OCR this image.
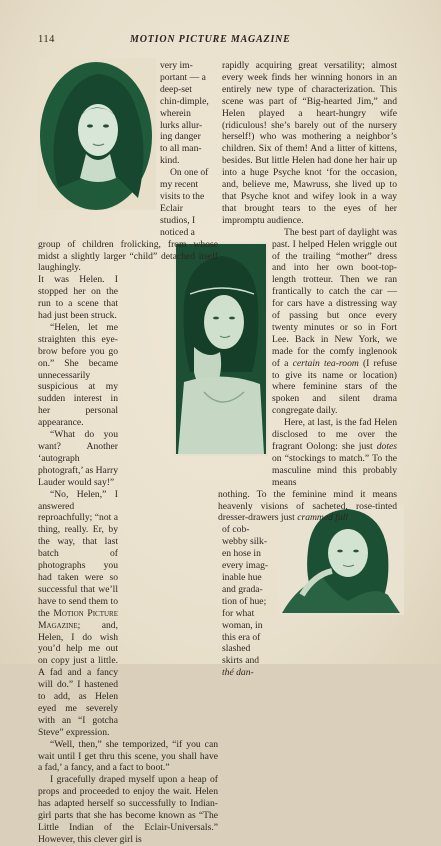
114	MOTION PICTURE MAGAZINE
very im-
portant — a
deep-set
chin-dimple,
wherein
lurks allur-
ing danger
to all man-
kind.
On one of
my recent
visits to the
Eclair
studios, I
noticed a

group of children frolicking, from whose midst a slightly larger “child” detached itself laughingly.

It was Helen. I stopped her on the run to a scene that had just been struck.

“Helen, let me straighten this eye-brow before you go on.” She became unnecessarily suspicious at my sudden interest in her personal appearance.

“What do you want? Another ‘autograph photograft,’ as Harry Lauder would say!”

“No, Helen,” I answered reproachfully; “not a thing, really. Er, by the way, that last batch of photographs you had taken were so successful that we’ll have to send them to the Motion Picture Magazine; and, Helen, I do wish you’d help me out on copy just a little. A fad and a fancy will do.” I hastened to add, as Helen eyed me severely with an “I gotcha Steve” expression.

“Well, then,” she temporized, “if you can wait until I get thru this scene, you shall have a fad,’ a fancy, and a fact to boot.”

I gracefully draped myself upon a heap of props and proceeded to enjoy the wait. Helen has adapted herself so successfully to Indian-girl parts that she has become known as “The Little Indian of the Eclair-Universals.” However, this clever girl is

rapidly acquiring great versatility; almost every week finds her winning honors in an entirely new type of characterization. This scene was part of “Big-hearted Jim,” and Helen played a heart-hungry wife (ridiculous! she’s barely out of the nursery herself!) who was mothering a neighbor’s children. Six of them! And a litter of kittens, besides. But little Helen had done her hair up into a huge Psyche knot ‘for the occasion, and, believe me, Mawruss, she lived up to that Psyche knot and wifey look in a way that brought tears to the eyes of her impromptu audience.

The best part of daylight was past. I helped Helen wriggle out of the trailing “mother” dress and into her own boot-top-length trotteur. Then we ran frantically to catch the car — for cars have a distressing way of passing but once every twenty minutes or so in Fort Lee. Back in New York, we made for the comfy inglenook of a certain tea-room (I refuse to give its name or location) where feminine stars of the spoken and silent drama congregate daily.

Here, at last, is the fad Helen disclosed to me over the fragrant Oolong: she just dotes on “stockings to match.” To the masculine mind this probably means

nothing. To the feminine mind it means heavenly visions of sacheted, rose-tinted dresser-drawers just crammed full

of cob-
webby silk-
en hose in
every imag-
inable hue
and grada-
tion of hue;
for what
woman, in
this era of
slashed
skirts and
thé dan-
